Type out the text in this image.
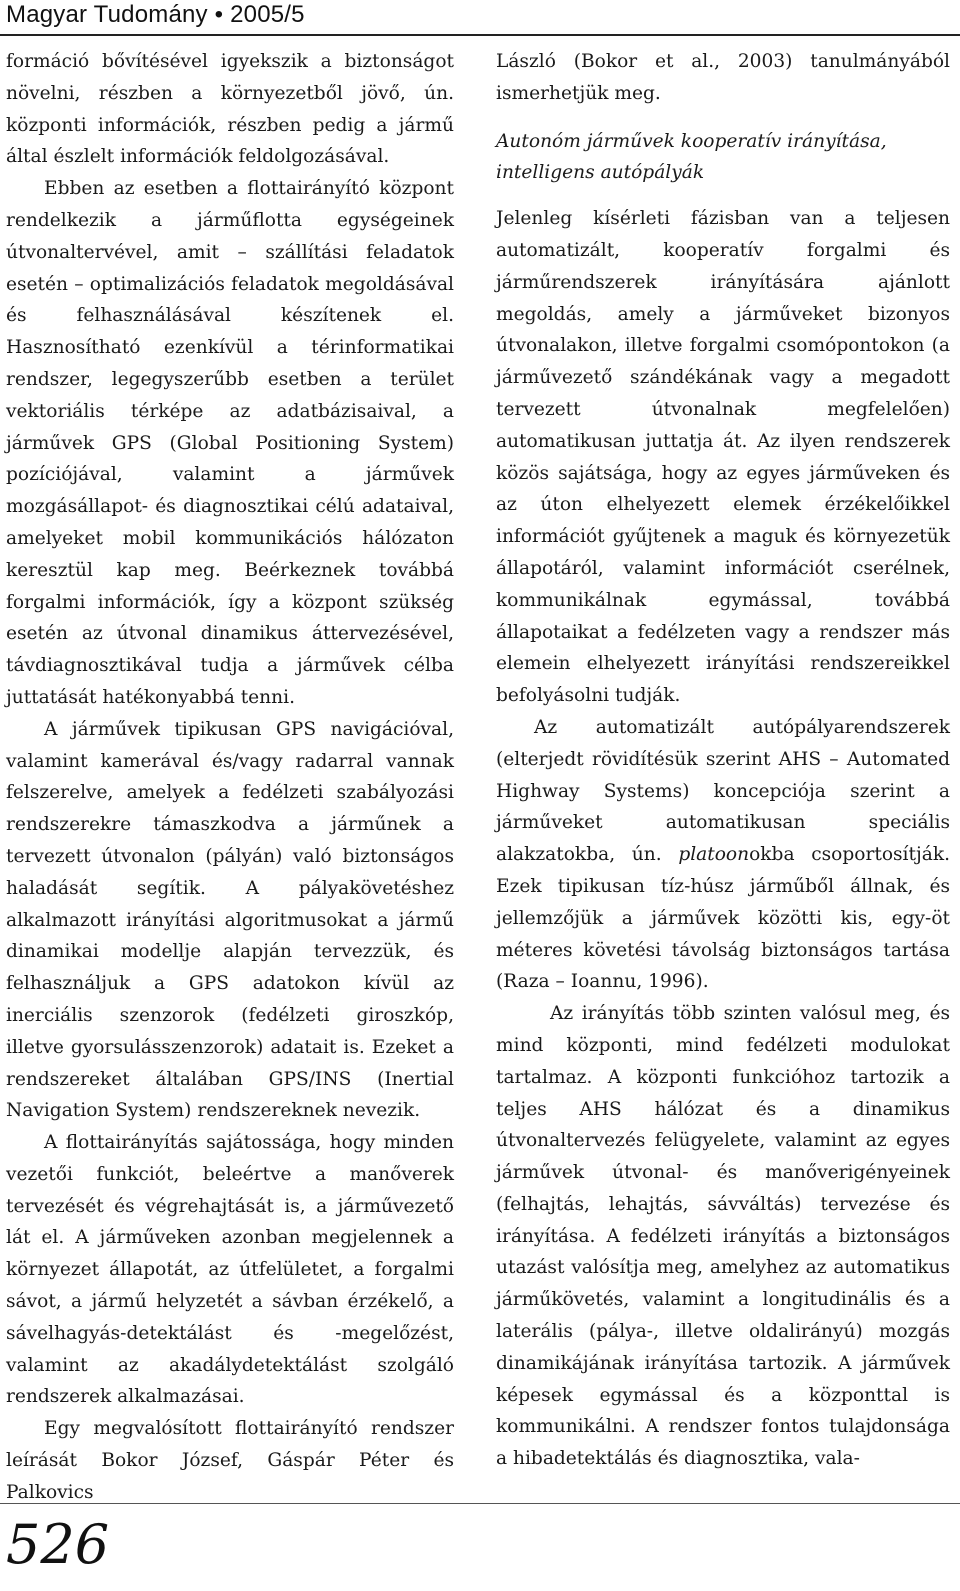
Magyar Tudomány • 2005/5

formáció bővítésével igyekszik a biztonságot növelni, részben a környezetből jövő, ún. központi információk, részben pedig a jármű által észlelt információk feldolgozásával.

Ebben az esetben a flottairányító központ rendelkezik a járműflotta egységeinek útvonaltervével, amit – szállítási feladatok esetén – optimalizációs feladatok megoldásával és felhasználásával készítenek el. Hasznosítható ezenkívül a térinformatikai rendszer, legegyszerűbb esetben a terület vektoriális térképe az adatbázisaival, a járművek GPS (Global Positioning System) pozíciójával, valamint a járművek mozgásállapot- és diagnosztikai célú adataival, amelyeket mobil kommunikációs hálózaton keresztül kap meg. Beérkeznek továbbá forgalmi információk, így a központ szükség esetén az útvonal dinamikus áttervezésével, távdiagnosztikával tudja a járművek célba juttatását hatékonyabbá tenni.

A járművek tipikusan GPS navigációval, valamint kamerával és/vagy radarral vannak felszerelve, amelyek a fedélzeti szabályozási rendszerekre támaszkodva a járműnek a tervezett útvonalon (pályán) való biztonságos haladását segítik. A pályakövetéshez alkalmazott irányítási algoritmusokat a jármű dinamikai modellje alapján tervezzük, és felhasználjuk a GPS adatokon kívül az inerciális szenzorok (fedélzeti giroszkóp, illetve gyorsulásszenzorok) adatait is. Ezeket a rendszereket általában GPS/INS (Inertial Navigation System) rendszereknek nevezik.

A flottairányítás sajátossága, hogy minden vezetői funkciót, beleértve a manőverek tervezését és végrehajtását is, a járművezető lát el. A járműveken azonban megjelennek a környezet állapotát, az útfelületet, a forgalmi sávot, a jármű helyzetét a sávban érzékelő, a sávelhagyás-detektálást és -megelőzést, valamint az akadálydetektálást szolgáló rendszerek alkalmazásai.

Egy megvalósított flottairányító rendszer leírását Bokor József, Gáspár Péter és Palkovics

László (Bokor et al., 2003) tanulmányából ismerhetjük meg.

Autonóm járművek kooperatív irányítása, intelligens autópályák

Jelenleg kísérleti fázisban van a teljesen automatizált, kooperatív forgalmi és járműrendszerek irányítására ajánlott megoldás, amely a járműveket bizonyos útvonalakon, illetve forgalmi csomópontokon (a járművezető szándékának vagy a megadott tervezett útvonalnak megfelelően) automatikusan juttatja át. Az ilyen rendszerek közös sajátsága, hogy az egyes járműveken és az úton elhelyezett elemek érzékelőikkel információt gyűjtenek a maguk és környezetük állapotáról, valamint információt cserélnek, kommunikálnak egymással, továbbá állapotaikat a fedélzeten vagy a rendszer más elemein elhelyezett irányítási rendszereikkel befolyásolni tudják.

Az automatizált autópályarendszerek (elterjedt rövidítésük szerint AHS – Automated Highway Systems) koncepciója szerint a járműveket automatikusan speciális alakzatokba, ún. platoonokba csoportosítják. Ezek tipikusan tíz-húsz járműből állnak, és jellemzőjük a járművek közötti kis, egy-öt méteres követési távolság biztonságos tartása (Raza – Ioannu, 1996).

Az irányítás több szinten valósul meg, és mind központi, mind fedélzeti modulokat tartalmaz. A központi funkcióhoz tartozik a teljes AHS hálózat és a dinamikus útvonaltervezés felügyelete, valamint az egyes járművek útvonal- és manőverigényeinek (felhajtás, lehajtás, sávváltás) tervezése és irányítása. A fedélzeti irányítás a biztonságos utazást valósítja meg, amelyhez az automatikus járműkövetés, valamint a longitudinális és a laterális (pálya-, illetve oldalirányú) mozgás dinamikájának irányítása tartozik. A járművek képesek egymással és a központtal is kommunikálni. A rendszer fontos tulajdonsága a hibadetektálás és diagnosztika, vala-

526
